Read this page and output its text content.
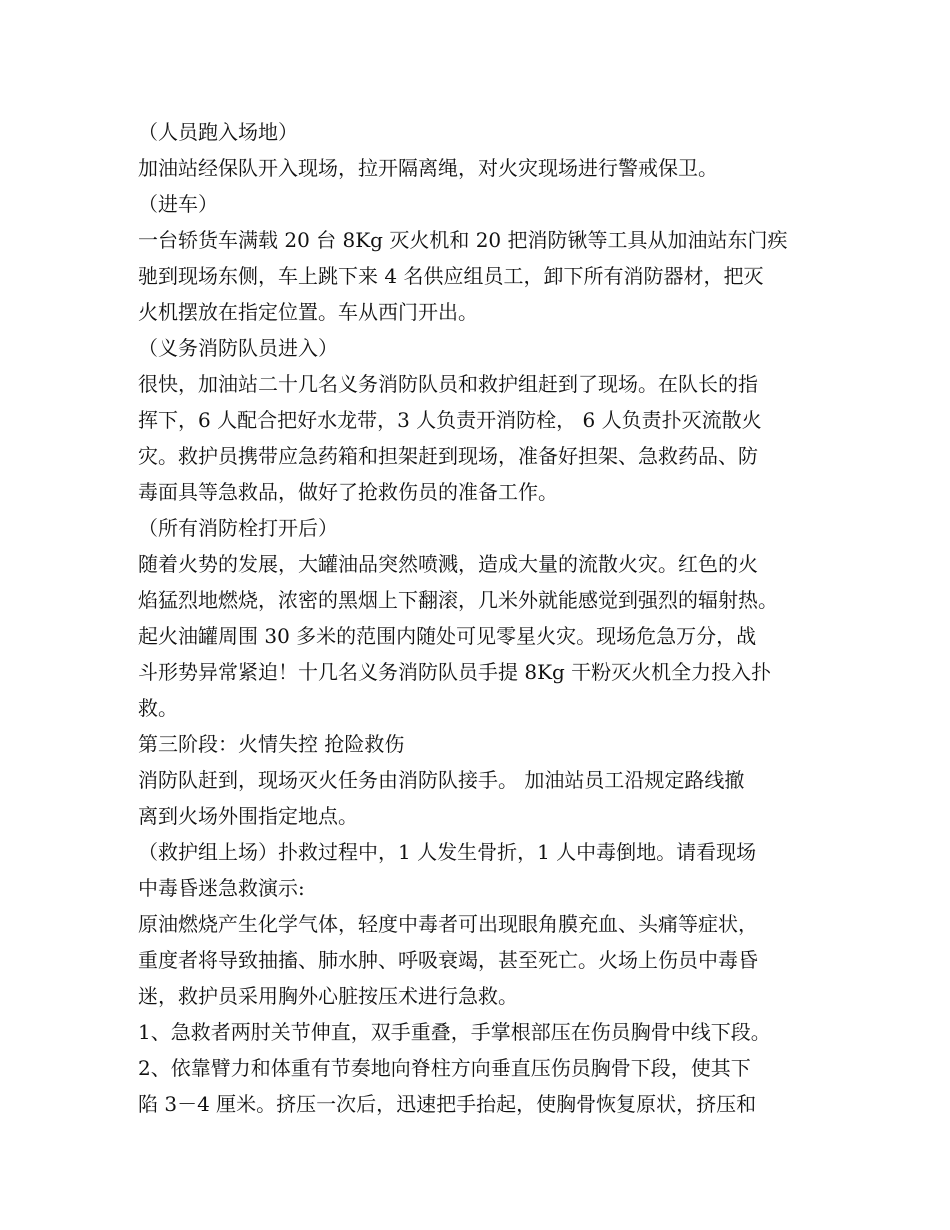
（人员跑入场地）
加油站经保队开入现场，拉开隔离绳，对火灾现场进行警戒保卫。
（进车）
一台轿货车满载 20 台 8Kg 灭火机和 20 把消防锹等工具从加油站东门疾
驰到现场东侧，车上跳下来 4 名供应组员工，卸下所有消防器材，把灭
火机摆放在指定位置。车从西门开出。
（义务消防队员进入）
很快，加油站二十几名义务消防队员和救护组赶到了现场。在队长的指
挥下，6 人配合把好水龙带，3 人负责开消防栓， 6 人负责扑灭流散火
灾。救护员携带应急药箱和担架赶到现场，准备好担架、急救药品、防
毒面具等急救品，做好了抢救伤员的准备工作。
（所有消防栓打开后）
随着火势的发展，大罐油品突然喷溅，造成大量的流散火灾。红色的火
焰猛烈地燃烧，浓密的黑烟上下翻滚，几米外就能感觉到强烈的辐射热。
起火油罐周围 30 多米的范围内随处可见零星火灾。现场危急万分，战
斗形势异常紧迫！十几名义务消防队员手提 8Kg 干粉灭火机全力投入扑
救。
第三阶段：火情失控 抢险救伤
消防队赶到，现场灭火任务由消防队接手。 加油站员工沿规定路线撤
离到火场外围指定地点。
（救护组上场）扑救过程中，1 人发生骨折，1 人中毒倒地。请看现场
中毒昏迷急救演示:
原油燃烧产生化学气体，轻度中毒者可出现眼角膜充血、头痛等症状，
重度者将导致抽搐、肺水肿、呼吸衰竭，甚至死亡。火场上伤员中毒昏
迷，救护员采用胸外心脏按压术进行急救。
1、急救者两肘关节伸直，双手重叠，手掌根部压在伤员胸骨中线下段。
2、依靠臂力和体重有节奏地向脊柱方向垂直压伤员胸骨下段，使其下
陷 3－4 厘米。挤压一次后，迅速把手抬起，使胸骨恢复原状，挤压和
